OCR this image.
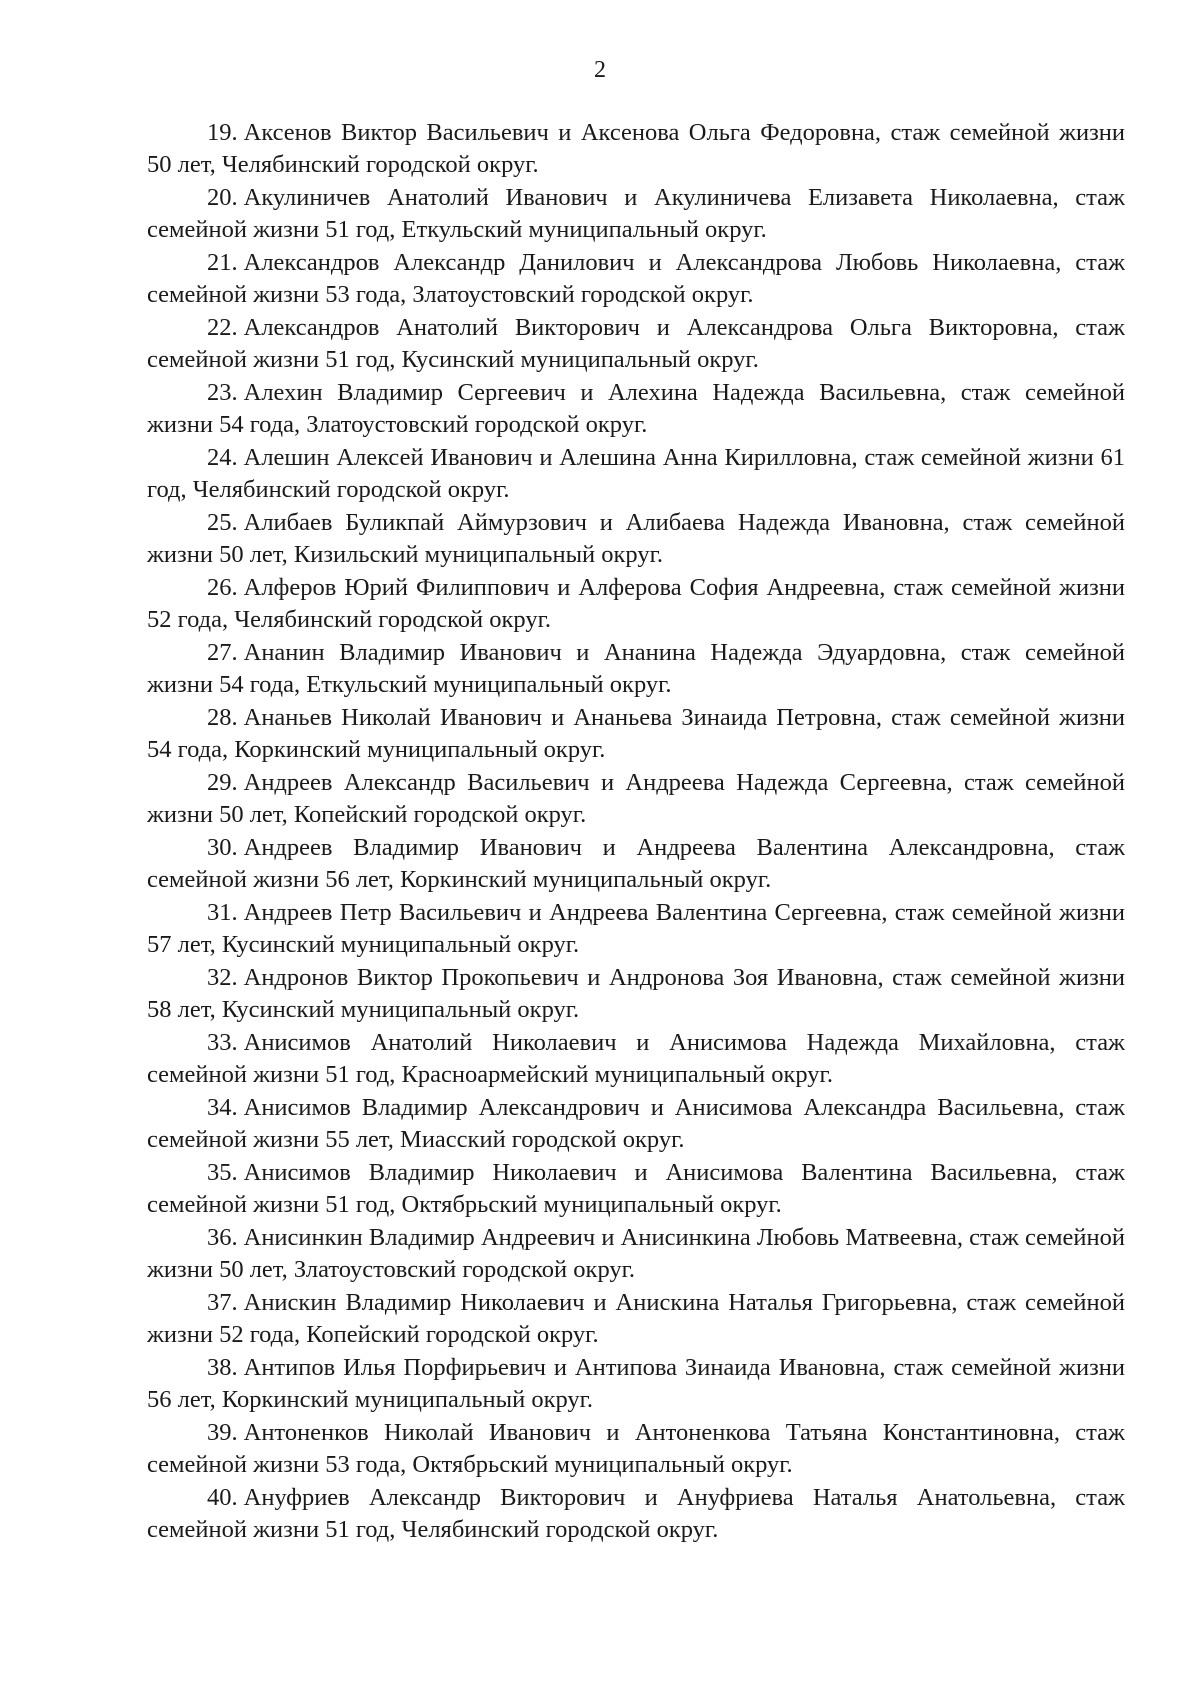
2

19. Аксенов Виктор Васильевич и Аксенова Ольга Федоровна, стаж семейной жизни 50 лет, Челябинский городской округ.

20. Акулиничев Анатолий Иванович и Акулиничева Елизавета Николаевна, стаж семейной жизни 51 год, Еткульский муниципальный округ.

21. Александров Александр Данилович и Александрова Любовь Николаевна, стаж семейной жизни 53 года, Златоустовский городской округ.

22. Александров Анатолий Викторович и Александрова Ольга Викторовна, стаж семейной жизни 51 год, Кусинский муниципальный округ.

23. Алехин Владимир Сергеевич и Алехина Надежда Васильевна, стаж семейной жизни 54 года, Златоустовский городской округ.

24. Алешин Алексей Иванович и Алешина Анна Кирилловна, стаж семейной жизни 61 год, Челябинский городской округ.

25. Алибаев Буликпай Аймурзович и Алибаева Надежда Ивановна, стаж семейной жизни 50 лет, Кизильский муниципальный округ.

26. Алферов Юрий Филиппович и Алферова София Андреевна, стаж семейной жизни 52 года, Челябинский городской округ.

27. Ананин Владимир Иванович и Ананина Надежда Эдуардовна, стаж семейной жизни 54 года, Еткульский муниципальный округ.

28. Ананьев Николай Иванович и Ананьева Зинаида Петровна, стаж семейной жизни 54 года, Коркинский муниципальный округ.

29. Андреев Александр Васильевич и Андреева Надежда Сергеевна, стаж семейной жизни 50 лет, Копейский городской округ.

30. Андреев Владимир Иванович и Андреева Валентина Александровна, стаж семейной жизни 56 лет, Коркинский муниципальный округ.

31. Андреев Петр Васильевич и Андреева Валентина Сергеевна, стаж семейной жизни 57 лет, Кусинский муниципальный округ.

32. Андронов Виктор Прокопьевич и Андронова Зоя Ивановна, стаж семейной жизни 58 лет, Кусинский муниципальный округ.

33. Анисимов Анатолий Николаевич и Анисимова Надежда Михайловна, стаж семейной жизни 51 год, Красноармейский муниципальный округ.

34. Анисимов Владимир Александрович и Анисимова Александра Васильевна, стаж семейной жизни 55 лет, Миасский городской округ.

35. Анисимов Владимир Николаевич и Анисимова Валентина Васильевна, стаж семейной жизни 51 год, Октябрьский муниципальный округ.

36. Анисинкин Владимир Андреевич и Анисинкина Любовь Матвеевна, стаж семейной жизни 50 лет, Златоустовский городской округ.

37. Анискин Владимир Николаевич и Анискина Наталья Григорьевна, стаж семейной жизни 52 года, Копейский городской округ.

38. Антипов Илья Порфирьевич и Антипова Зинаида Ивановна, стаж семейной жизни 56 лет, Коркинский муниципальный округ.

39. Антоненков Николай Иванович и Антоненкова Татьяна Константиновна, стаж семейной жизни 53 года, Октябрьский муниципальный округ.

40. Ануфриев Александр Викторович и Ануфриева Наталья Анатольевна, стаж семейной жизни 51 год, Челябинский городской округ.
